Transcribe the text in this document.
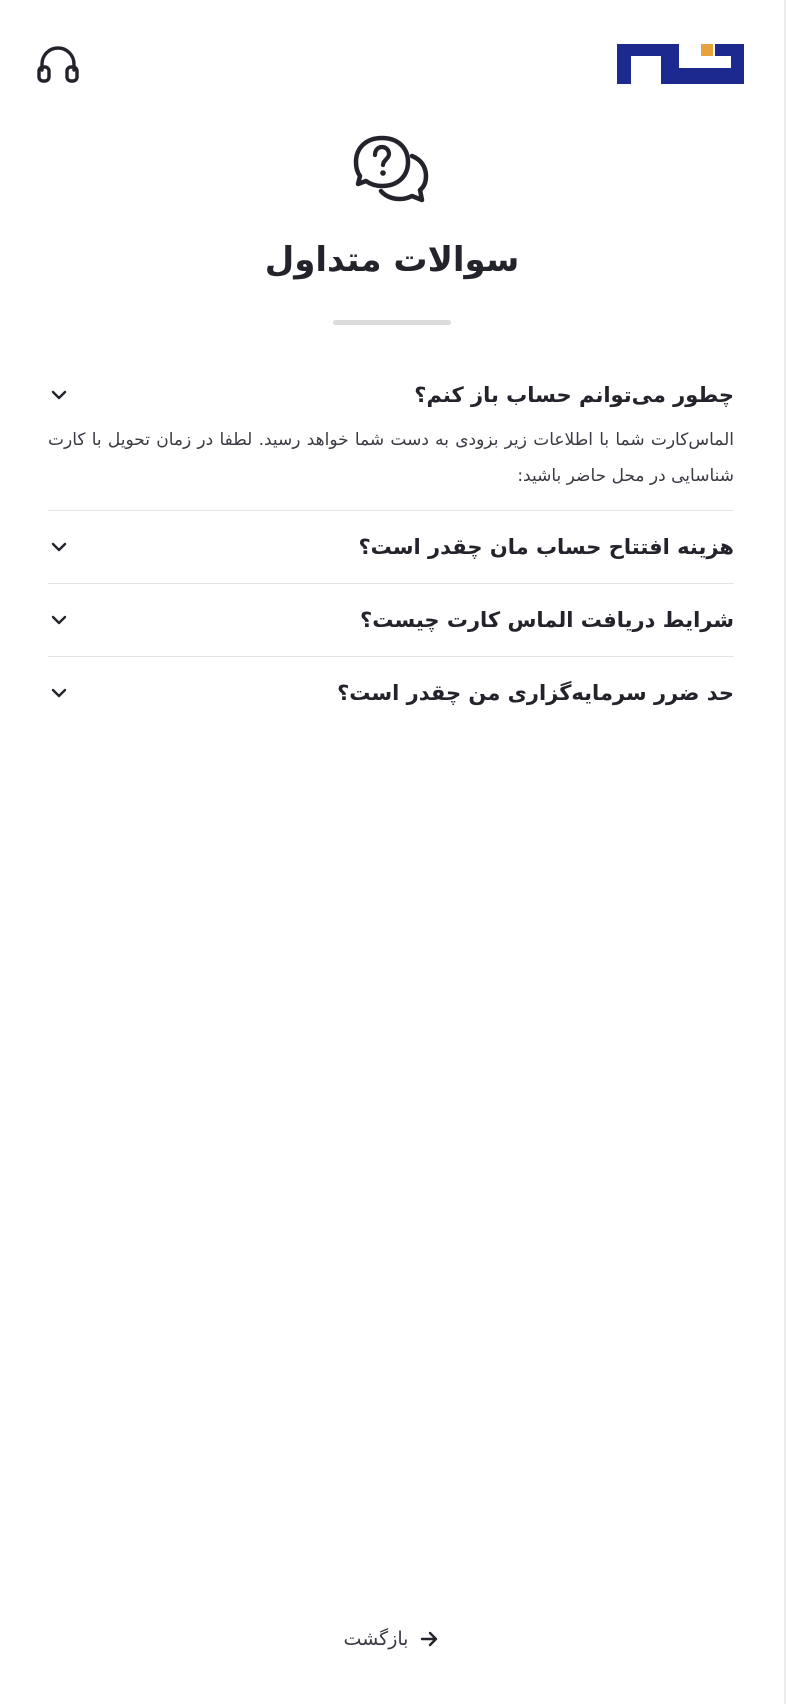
سوالات متداول
چطور می‌توانم حساب باز کنم؟
الماس‌کارت شما با اطلاعات زیر بزودی به دست شما خواهد رسید. لطفا در زمان تحویل با کارت شناسایی در محل حاضر باشید:
هزینه افتتاح حساب مان چقدر است؟
شرایط دریافت الماس کارت چیست؟
حد ضرر سرمایه‌گزاری من چقدر است؟
بازگشت
